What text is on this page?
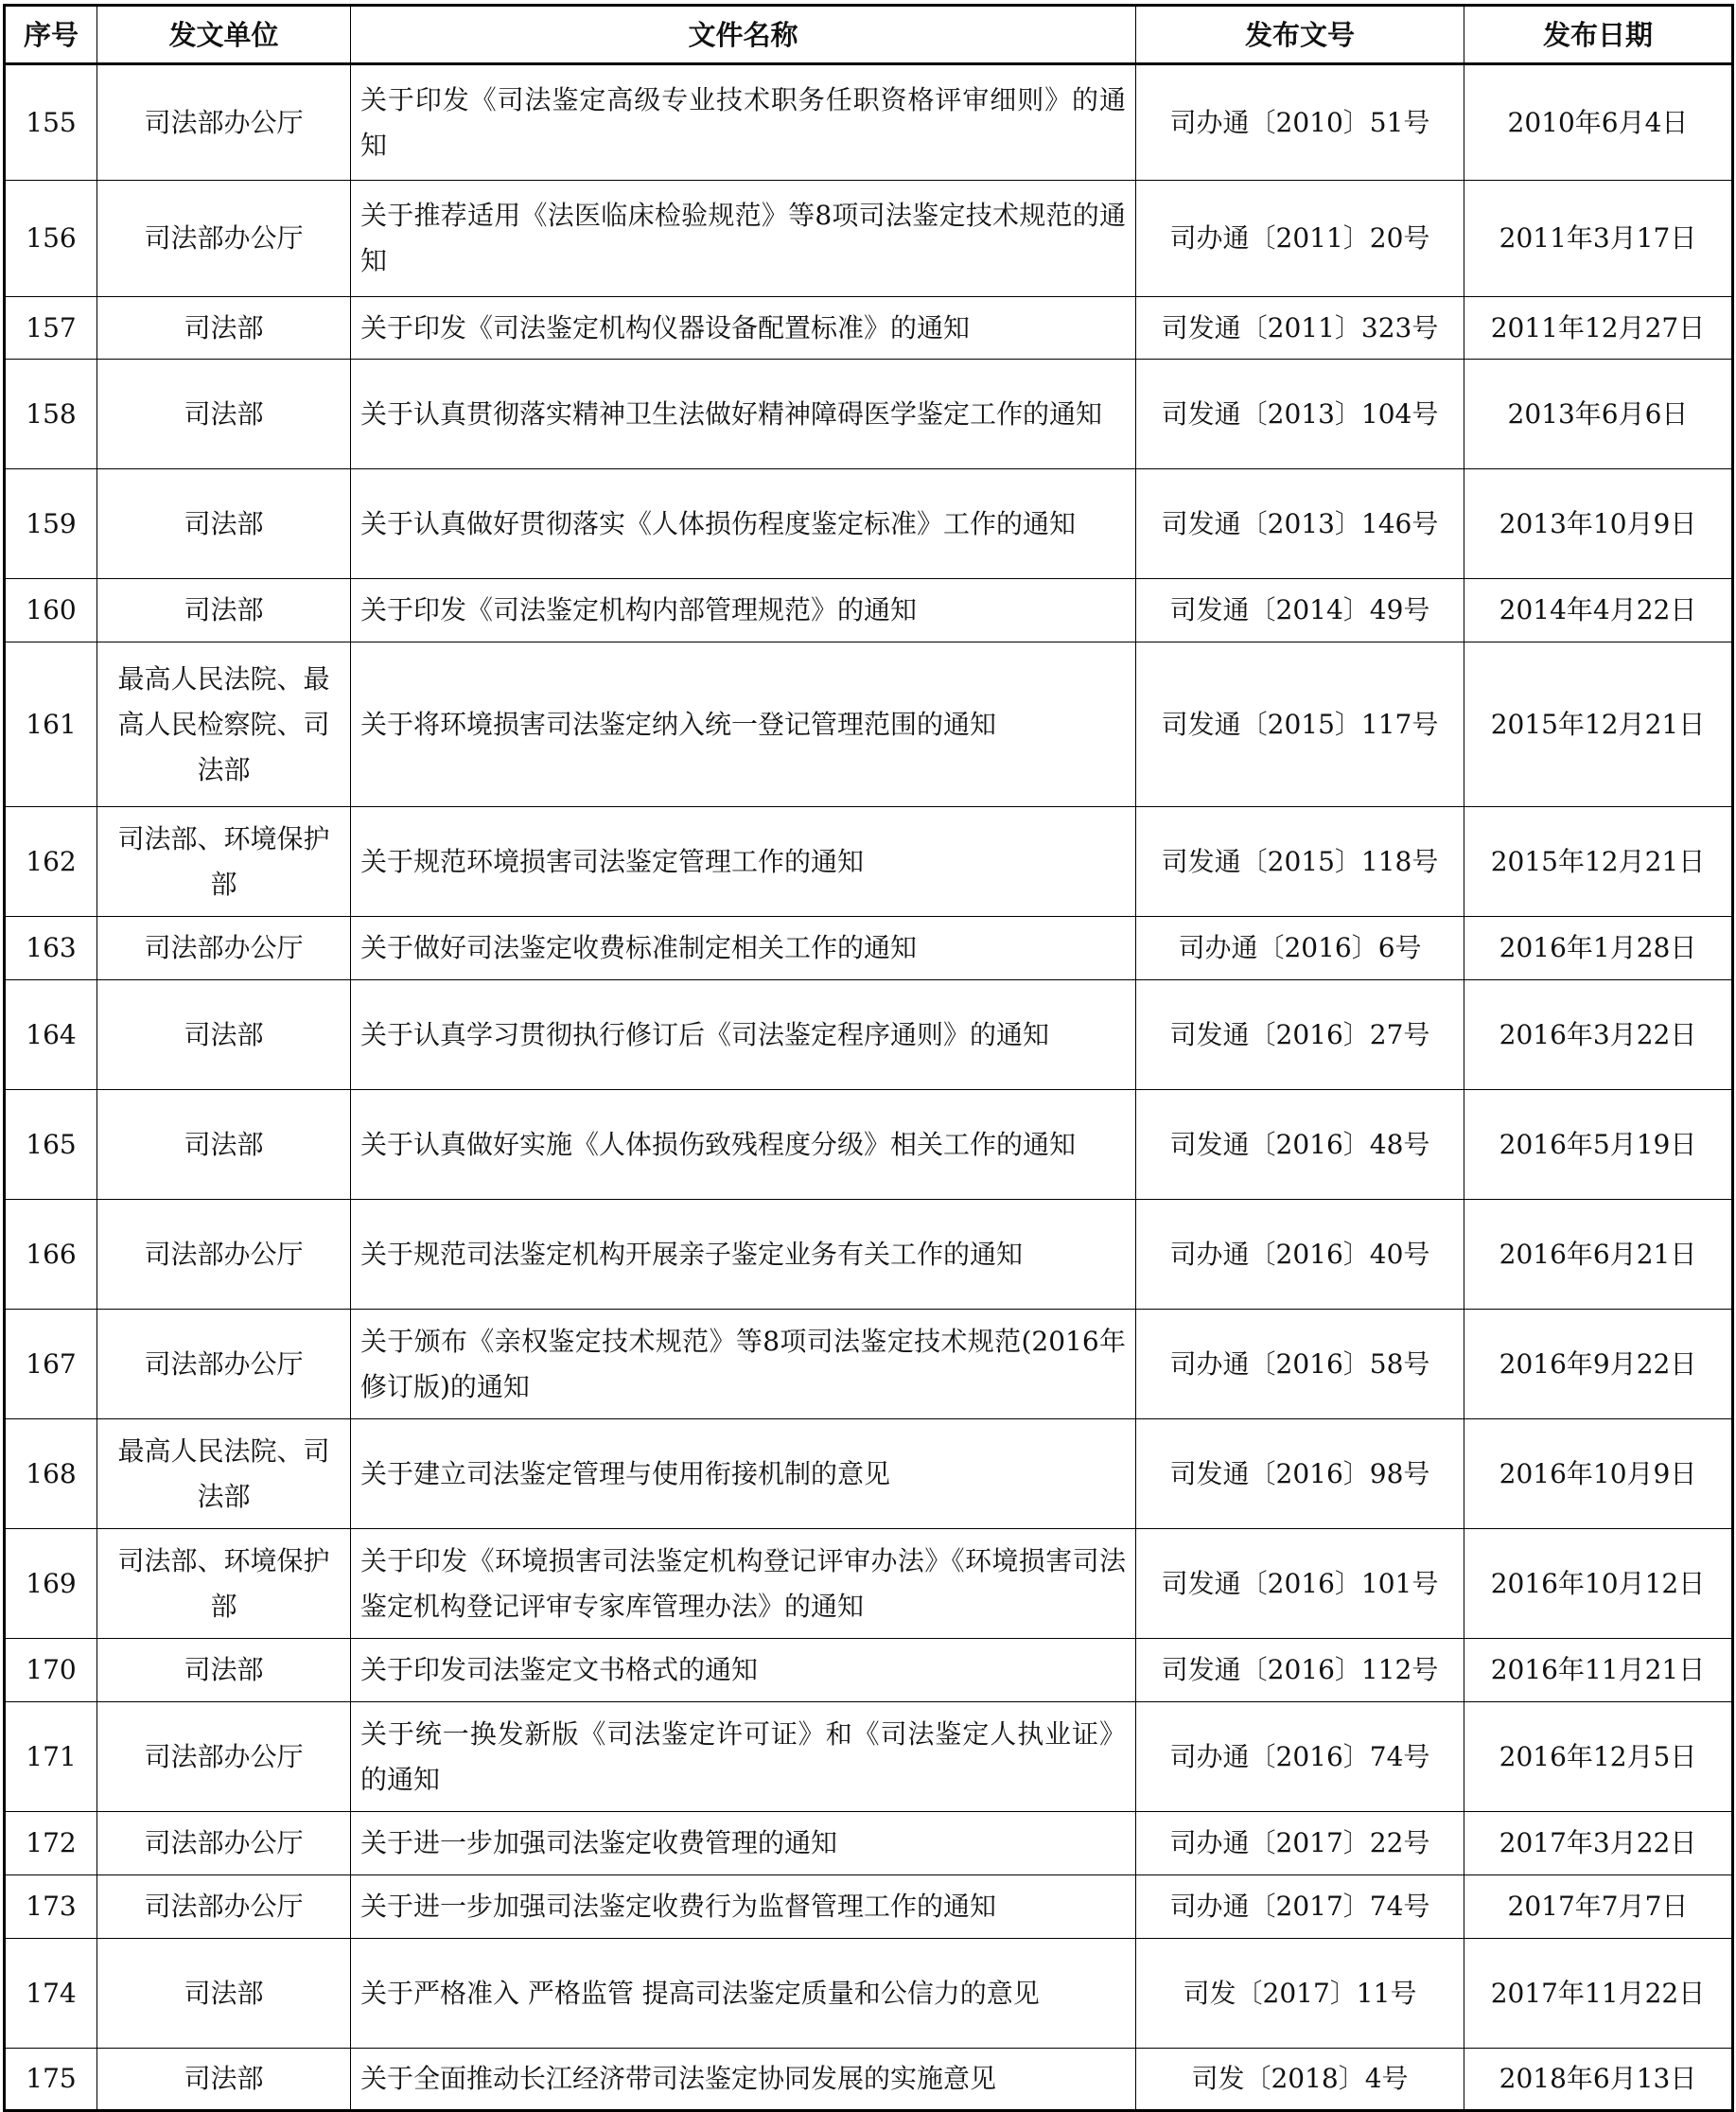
序号	发文单位	文件名称	发布文号	发布日期
155	司法部办公厅	关于印发《司法鉴定高级专业技术职务任职资格评审细则》的通知	司办通〔2010〕51号	2010年6月4日
156	司法部办公厅	关于推荐适用《法医临床检验规范》等8项司法鉴定技术规范的通知	司办通〔2011〕20号	2011年3月17日
157	司法部	关于印发《司法鉴定机构仪器设备配置标准》的通知	司发通〔2011〕323号	2011年12月27日
158	司法部	关于认真贯彻落实精神卫生法做好精神障碍医学鉴定工作的通知	司发通〔2013〕104号	2013年6月6日
159	司法部	关于认真做好贯彻落实《人体损伤程度鉴定标准》工作的通知	司发通〔2013〕146号	2013年10月9日
160	司法部	关于印发《司法鉴定机构内部管理规范》的通知	司发通〔2014〕49号	2014年4月22日
161	最高人民法院、最高人民检察院、司法部	关于将环境损害司法鉴定纳入统一登记管理范围的通知	司发通〔2015〕117号	2015年12月21日
162	司法部、环境保护部	关于规范环境损害司法鉴定管理工作的通知	司发通〔2015〕118号	2015年12月21日
163	司法部办公厅	关于做好司法鉴定收费标准制定相关工作的通知	司办通〔2016〕6号	2016年1月28日
164	司法部	关于认真学习贯彻执行修订后《司法鉴定程序通则》的通知	司发通〔2016〕27号	2016年3月22日
165	司法部	关于认真做好实施《人体损伤致残程度分级》相关工作的通知	司发通〔2016〕48号	2016年5月19日
166	司法部办公厅	关于规范司法鉴定机构开展亲子鉴定业务有关工作的通知	司办通〔2016〕40号	2016年6月21日
167	司法部办公厅	关于颁布《亲权鉴定技术规范》等8项司法鉴定技术规范(2016年修订版)的通知	司办通〔2016〕58号	2016年9月22日
168	最高人民法院、司法部	关于建立司法鉴定管理与使用衔接机制的意见	司发通〔2016〕98号	2016年10月9日
169	司法部、环境保护部	关于印发《环境损害司法鉴定机构登记评审办法》《环境损害司法鉴定机构登记评审专家库管理办法》的通知	司发通〔2016〕101号	2016年10月12日
170	司法部	关于印发司法鉴定文书格式的通知	司发通〔2016〕112号	2016年11月21日
171	司法部办公厅	关于统一换发新版《司法鉴定许可证》和《司法鉴定人执业证》的通知	司办通〔2016〕74号	2016年12月5日
172	司法部办公厅	关于进一步加强司法鉴定收费管理的通知	司办通〔2017〕22号	2017年3月22日
173	司法部办公厅	关于进一步加强司法鉴定收费行为监督管理工作的通知	司办通〔2017〕74号	2017年7月7日
174	司法部	关于严格准入 严格监管 提高司法鉴定质量和公信力的意见	司发〔2017〕11号	2017年11月22日
175	司法部	关于全面推动长江经济带司法鉴定协同发展的实施意见	司发〔2018〕4号	2018年6月13日
